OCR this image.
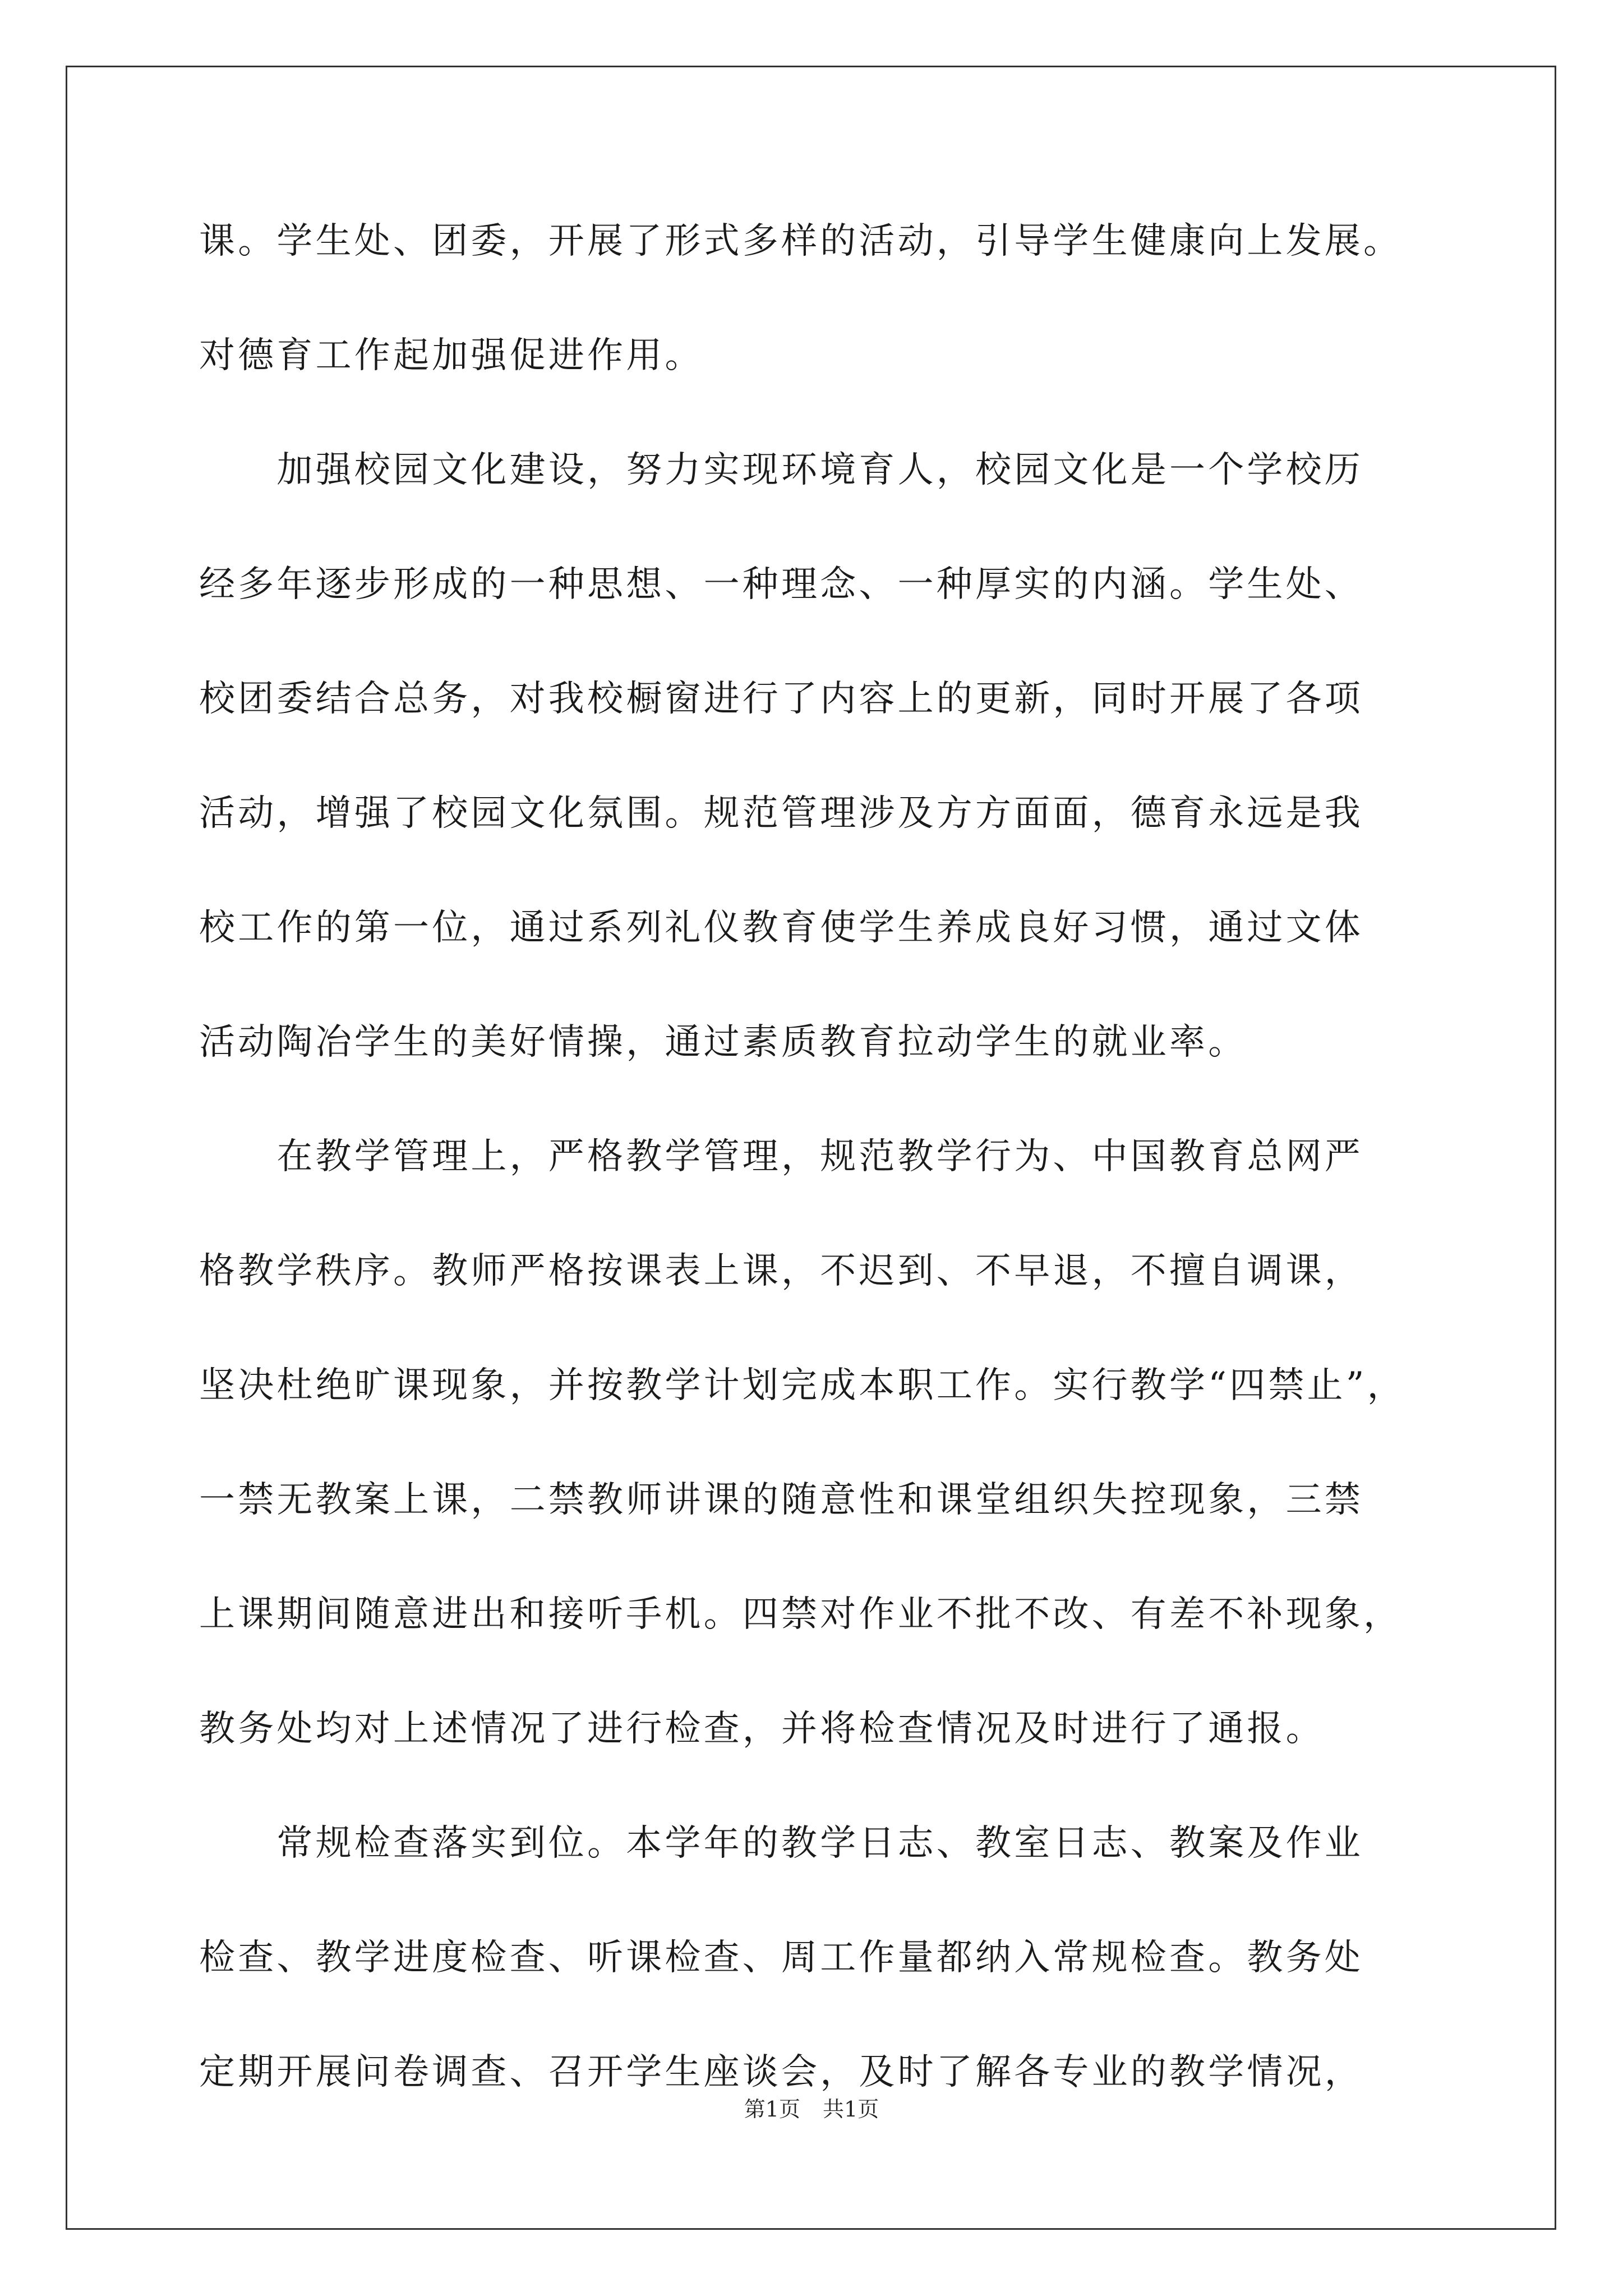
课。学生处、团委，开展了形式多样的活动，引导学生健康向上发展。
对德育工作起加强促进作用。
　　加强校园文化建设，努力实现环境育人，校园文化是一个学校历
经多年逐步形成的一种思想、一种理念、一种厚实的内涵。学生处、
校团委结合总务，对我校橱窗进行了内容上的更新，同时开展了各项
活动，增强了校园文化氛围。规范管理涉及方方面面，德育永远是我
校工作的第一位，通过系列礼仪教育使学生养成良好习惯，通过文体
活动陶冶学生的美好情操，通过素质教育拉动学生的就业率。
　　在教学管理上，严格教学管理，规范教学行为、中国教育总网严
格教学秩序。教师严格按课表上课，不迟到、不早退，不擅自调课，
坚决杜绝旷课现象，并按教学计划完成本职工作。实行教学“四禁止”，
一禁无教案上课，二禁教师讲课的随意性和课堂组织失控现象，三禁
上课期间随意进出和接听手机。四禁对作业不批不改、有差不补现象，
教务处均对上述情况了进行检查，并将检查情况及时进行了通报。
　　常规检查落实到位。本学年的教学日志、教室日志、教案及作业
检查、教学进度检查、听课检查、周工作量都纳入常规检查。教务处
定期开展问卷调查、召开学生座谈会，及时了解各专业的教学情况，
第1页 共1页
